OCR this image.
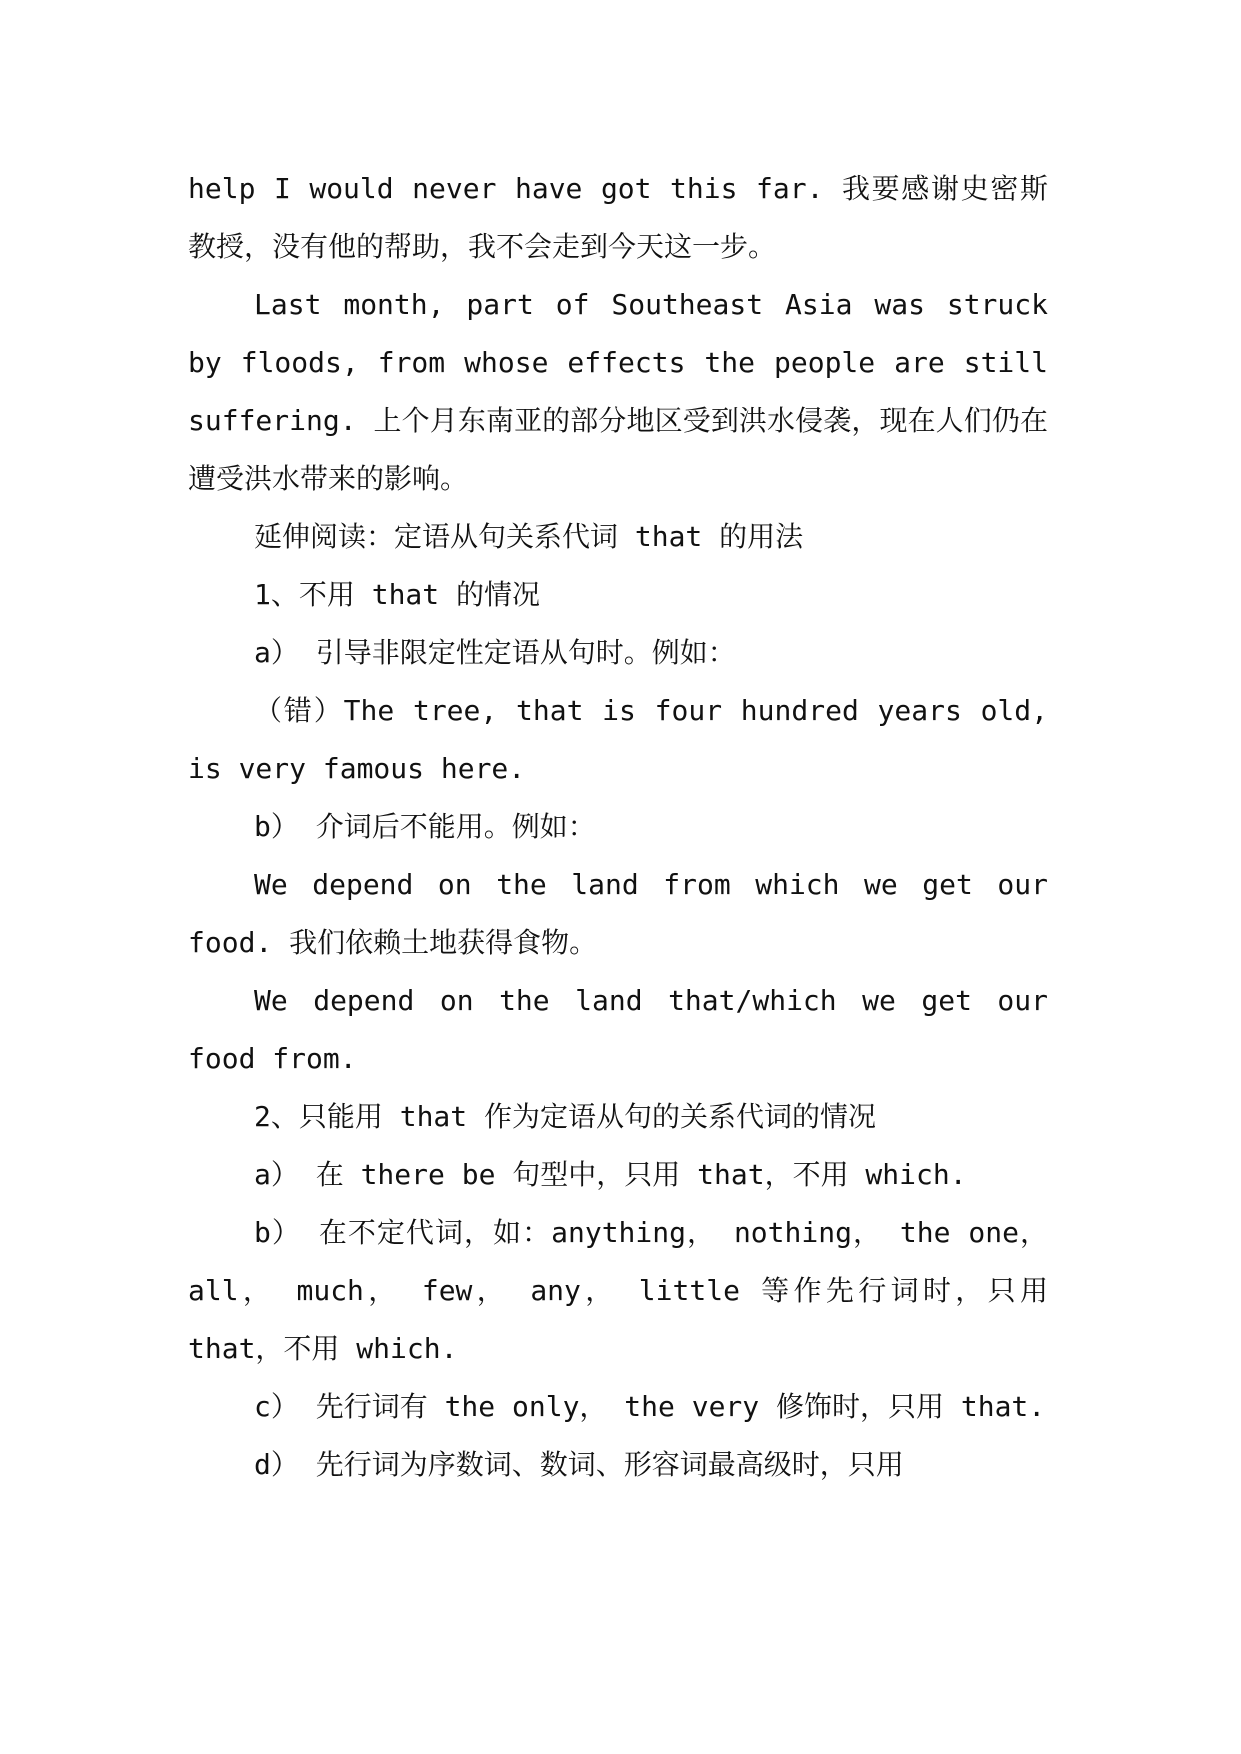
help I would never have got this far. 我要感谢史密斯教授，没有他的帮助，我不会走到今天这一步。

Last month, part of Southeast Asia was struck by floods, from whose effects the people are still suffering. 上个月东南亚的部分地区受到洪水侵袭，现在人们仍在遭受洪水带来的影响。

延伸阅读：定语从句关系代词 that 的用法

1、不用 that 的情况

a） 引导非限定性定语从句时。例如：

（错）The tree, that is four hundred years old, is very famous here.

b） 介词后不能用。例如：

We depend on the land from which we get our food. 我们依赖土地获得食物。

We depend on the land that/which we get our food from.

2、只能用 that 作为定语从句的关系代词的情况

a） 在 there be 句型中，只用 that，不用 which.

b） 在不定代词，如：anything， nothing， the one， all， much， few， any， little 等作先行词时，只用 that，不用 which.

c） 先行词有 the only， the very 修饰时，只用 that.

d） 先行词为序数词、数词、形容词最高级时，只用
